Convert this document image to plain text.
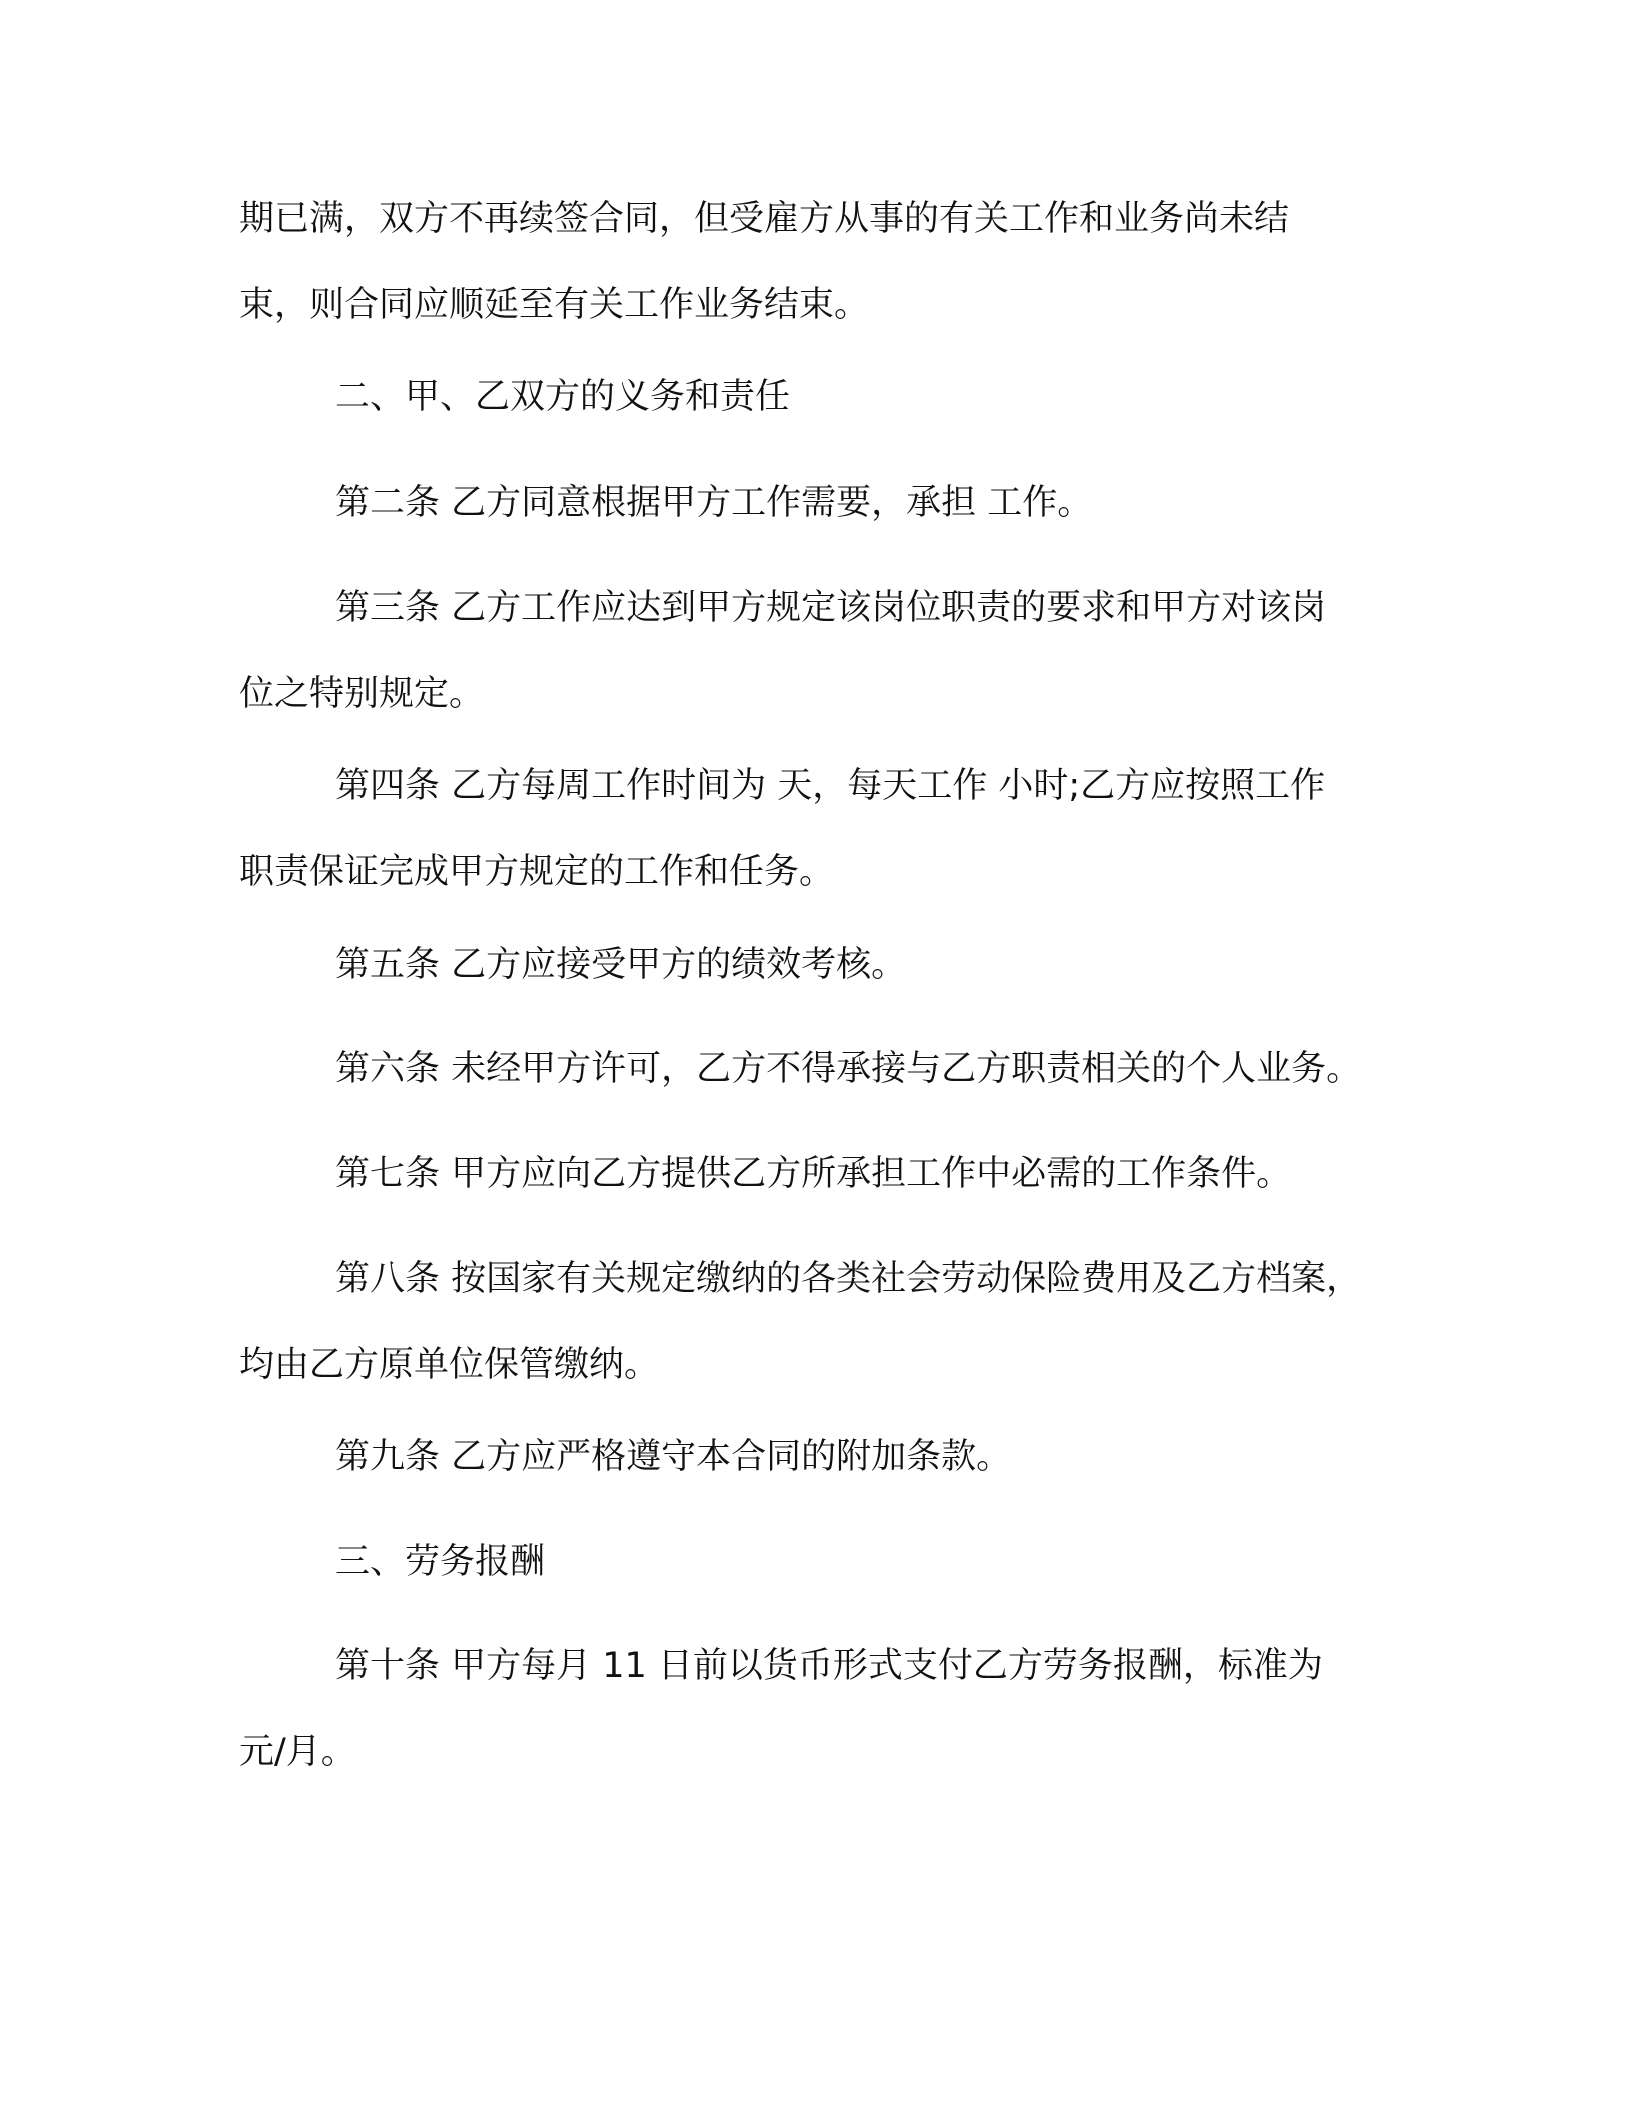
期已满，双方不再续签合同，但受雇方从事的有关工作和业务尚未结
束，则合同应顺延至有关工作业务结束。

二、甲、乙双方的义务和责任

第二条 乙方同意根据甲方工作需要，承担 工作。

第三条 乙方工作应达到甲方规定该岗位职责的要求和甲方对该岗
位之特别规定。

第四条 乙方每周工作时间为 天，每天工作 小时;乙方应按照工作
职责保证完成甲方规定的工作和任务。

第五条 乙方应接受甲方的绩效考核。

第六条 未经甲方许可，乙方不得承接与乙方职责相关的个人业务。

第七条 甲方应向乙方提供乙方所承担工作中必需的工作条件。

第八条 按国家有关规定缴纳的各类社会劳动保险费用及乙方档案，
均由乙方原单位保管缴纳。

第九条 乙方应严格遵守本合同的附加条款。

三、劳务报酬

第十条 甲方每月 11 日前以货币形式支付乙方劳务报酬，标准为
元/月。
